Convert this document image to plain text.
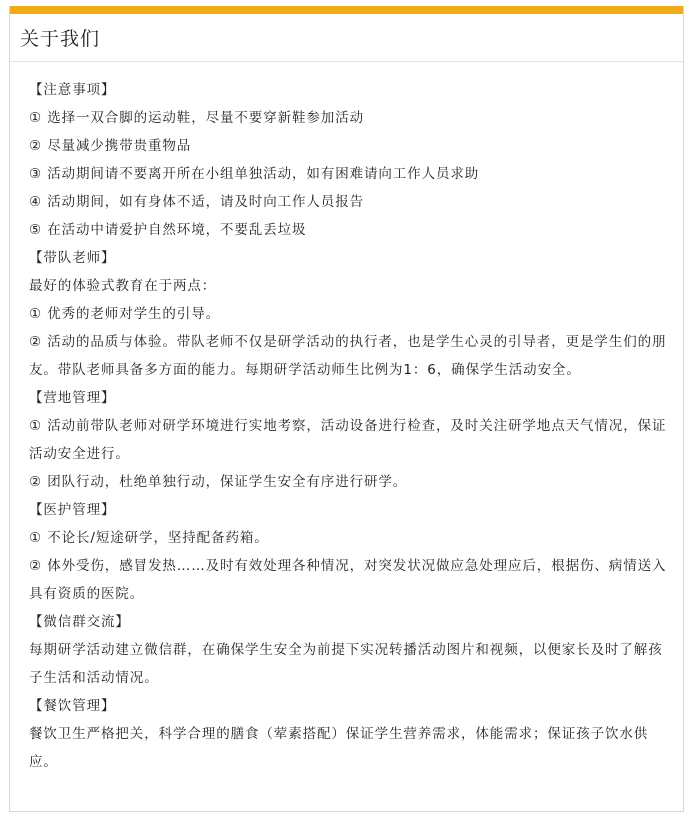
关于我们
【注意事项】
① 选择一双合脚的运动鞋，尽量不要穿新鞋参加活动
② 尽量减少携带贵重物品
③ 活动期间请不要离开所在小组单独活动，如有困难请向工作人员求助
④ 活动期间，如有身体不适，请及时向工作人员报告
⑤ 在活动中请爱护自然环境，不要乱丢垃圾
【带队老师】
最好的体验式教育在于两点：
① 优秀的老师对学生的引导。
② 活动的品质与体验。带队老师不仅是研学活动的执行者，也是学生心灵的引导者，更是学生们的朋友。带队老师具备多方面的能力。每期研学活动师生比例为1：6，确保学生活动安全。
【营地管理】
① 活动前带队老师对研学环境进行实地考察，活动设备进行检查，及时关注研学地点天气情况，保证活动安全进行。
② 团队行动，杜绝单独行动，保证学生安全有序进行研学。
【医护管理】
① 不论长/短途研学，坚持配备药箱。
② 体外受伤，感冒发热……及时有效处理各种情况，对突发状况做应急处理应后，根据伤、病情送入具有资质的医院。
【微信群交流】
每期研学活动建立微信群，在确保学生安全为前提下实况转播活动图片和视频，以便家长及时了解孩子生活和活动情况。
【餐饮管理】
餐饮卫生严格把关，科学合理的膳食（荤素搭配）保证学生营养需求，体能需求；保证孩子饮水供应。
